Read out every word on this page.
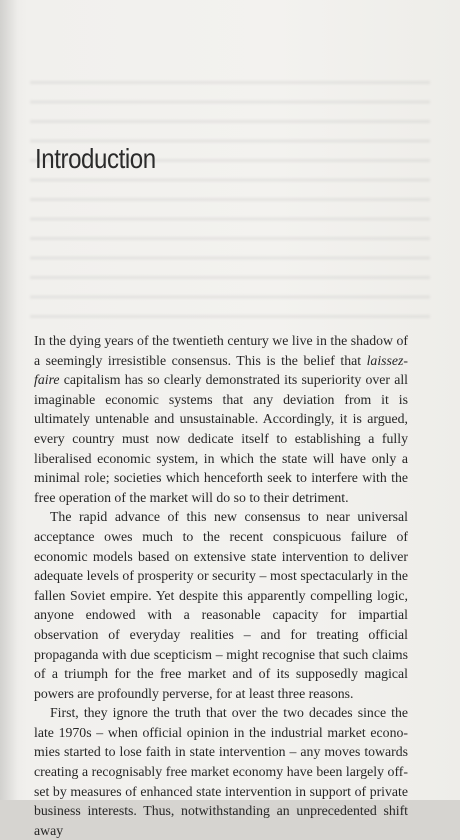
Introduction

In the dying years of the twentieth century we live in the shadow of a seemingly irresistible consensus. This is the belief that laissez-faire capitalism has so clearly demonstrated its superiority over all imaginable economic systems that any deviation from it is ultimately untenable and unsustainable. Accordingly, it is argued, every country must now dedicate itself to establishing a fully liberalised economic system, in which the state will have only a minimal role; societies which henceforth seek to interfere with the free operation of the market will do so to their detriment.

The rapid advance of this new consensus to near universal acceptance owes much to the recent conspicuous failure of economic models based on extensive state intervention to deliver adequate levels of prosperity or security – most spectacularly in the fallen Soviet empire. Yet despite this apparently compelling logic, anyone endowed with a reasonable capacity for impartial observation of everyday realities – and for treating official propaganda with due scepticism – might recognise that such claims of a triumph for the free market and of its supposedly magical powers are profoundly perverse, for at least three reasons.

First, they ignore the truth that over the two decades since the late 1970s – when official opinion in the industrial market economies started to lose faith in state intervention – any moves towards creating a recognisably free market economy have been largely offset by measures of enhanced state intervention in support of private business interests. Thus, notwithstanding an unprecedented shift away
